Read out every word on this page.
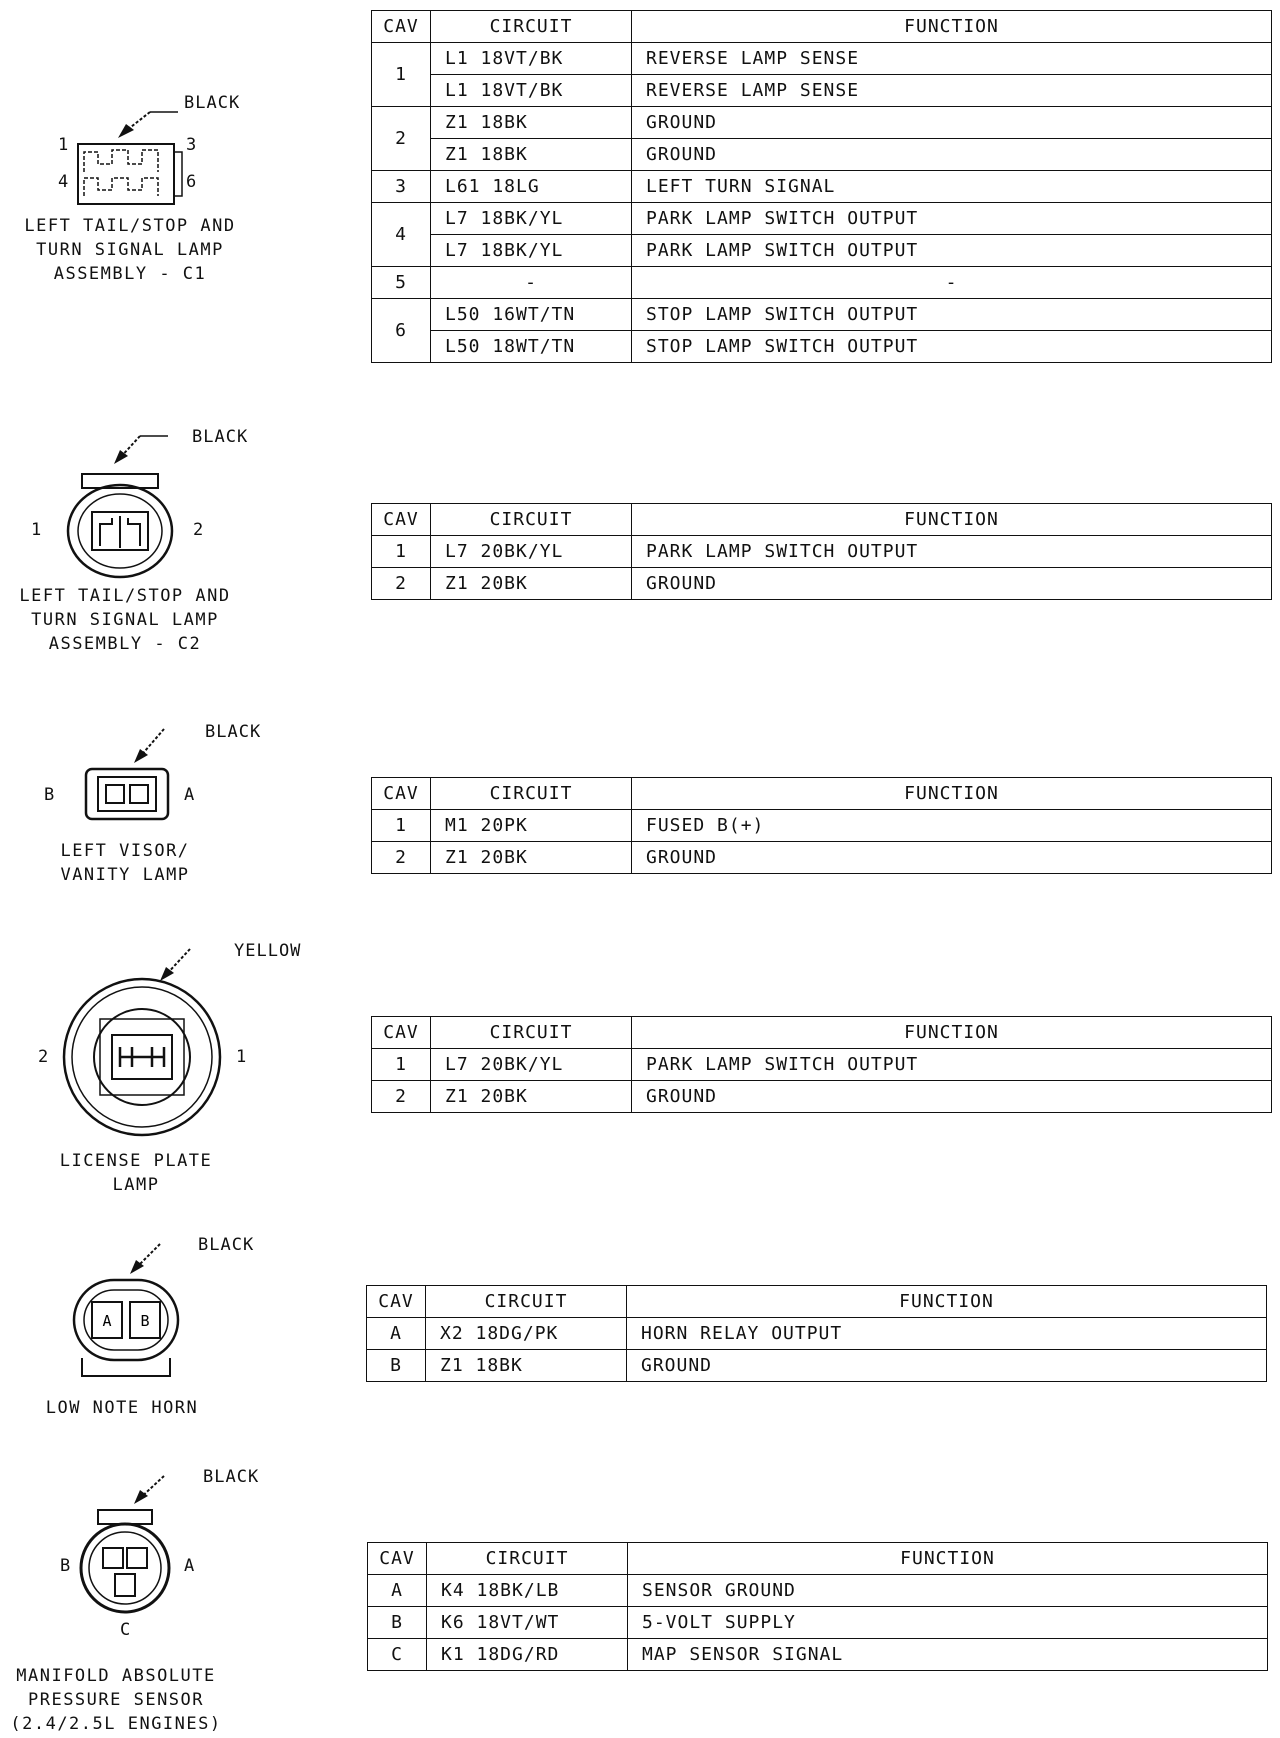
BLACK
1	3
4	6
LEFT TAIL/STOP AND
TURN SIGNAL LAMP
ASSEMBLY - C1
CAV	CIRCUIT	FUNCTION
1	L1 18VT/BK	REVERSE LAMP SENSE
	L1 18VT/BK	REVERSE LAMP SENSE
2	Z1 18BK	GROUND
	Z1 18BK	GROUND
3	L61 18LG	LEFT TURN SIGNAL
4	L7 18BK/YL	PARK LAMP SWITCH OUTPUT
	L7 18BK/YL	PARK LAMP SWITCH OUTPUT
5	-	-
6	L50 16WT/TN	STOP LAMP SWITCH OUTPUT
	L50 18WT/TN	STOP LAMP SWITCH OUTPUT
BLACK
1	2
LEFT TAIL/STOP AND
TURN SIGNAL LAMP
ASSEMBLY - C2
CAV	CIRCUIT	FUNCTION
1	L7 20BK/YL	PARK LAMP SWITCH OUTPUT
2	Z1 20BK	GROUND
BLACK
B	A
LEFT VISOR/
VANITY LAMP
CAV	CIRCUIT	FUNCTION
1	M1 20PK	FUSED B(+)
2	Z1 20BK	GROUND
YELLOW
2	1
LICENSE PLATE
LAMP
CAV	CIRCUIT	FUNCTION
1	L7 20BK/YL	PARK LAMP SWITCH OUTPUT
2	Z1 20BK	GROUND
A B
BLACK
LOW NOTE HORN
CAV	CIRCUIT	FUNCTION
A	X2 18DG/PK	HORN RELAY OUTPUT
B	Z1 18BK	GROUND
BLACK
B	A
C
MANIFOLD ABSOLUTE
PRESSURE SENSOR
(2.4/2.5L ENGINES)
CAV	CIRCUIT	FUNCTION
A	K4 18BK/LB	SENSOR GROUND
B	K6 18VT/WT	5-VOLT SUPPLY
C	K1 18DG/RD	MAP SENSOR SIGNAL
